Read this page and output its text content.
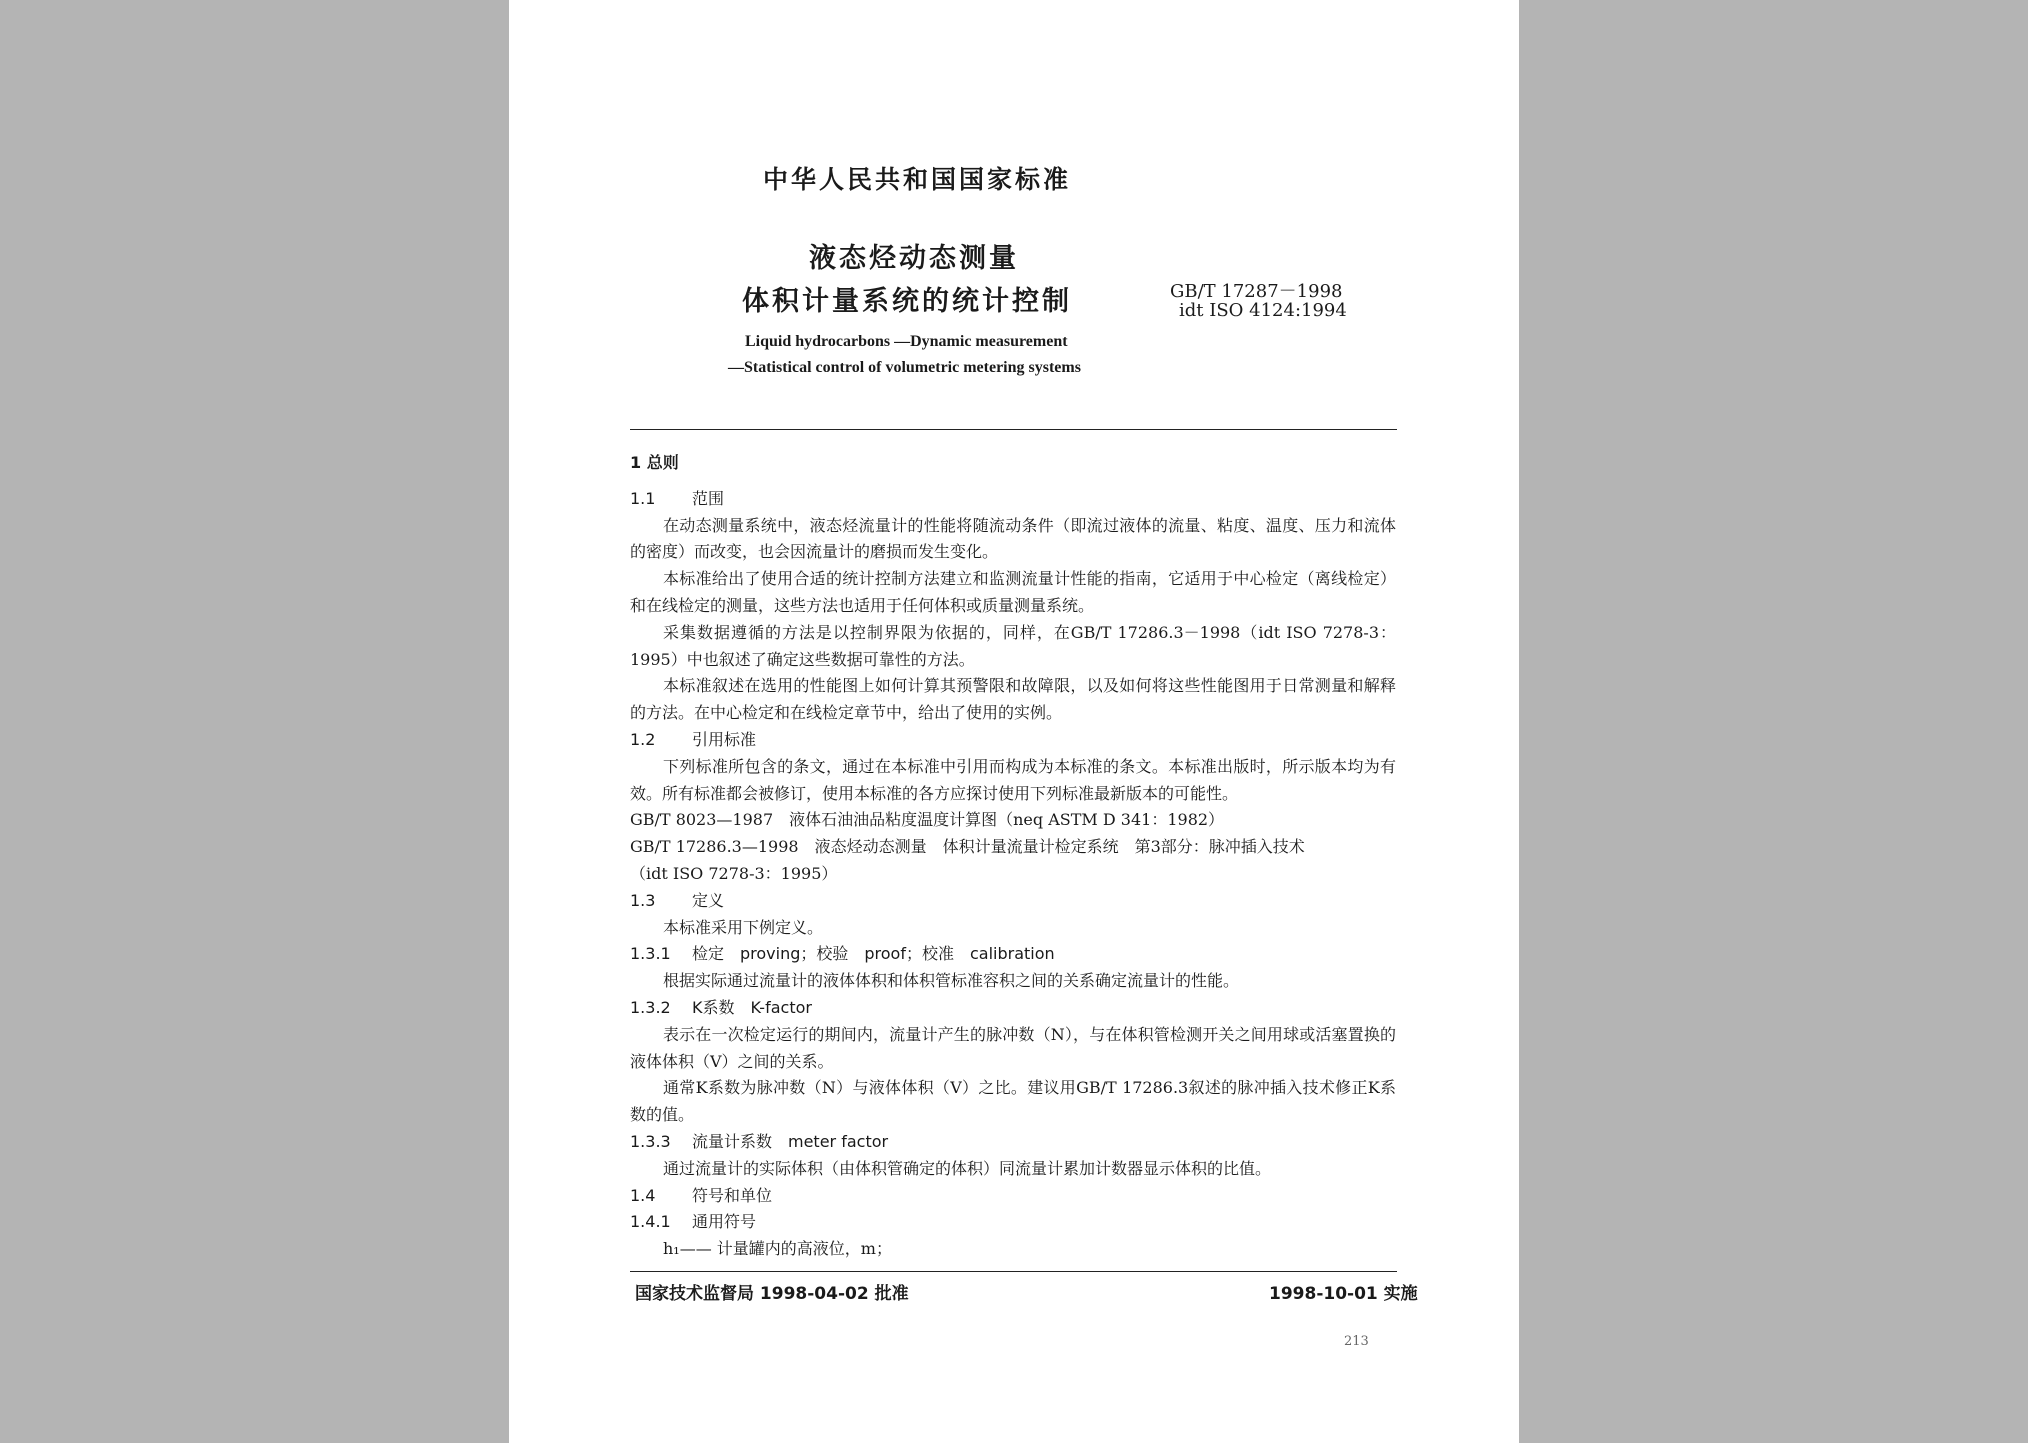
中华人民共和国国家标准
液态烃动态测量
体积计量系统的统计控制	GB/T 17287－1998
idt ISO 4124:1994
Liquid hydrocarbons —Dynamic measurement
—Statistical control of volumetric metering systems

1 总则

1.1 范围

在动态测量系统中，液态烃流量计的性能将随流动条件（即流过液体的流量、粘度、温度、压力和流体的密度）而改变，也会因流量计的磨损而发生变化。

本标准给出了使用合适的统计控制方法建立和监测流量计性能的指南，它适用于中心检定（离线检定）和在线检定的测量，这些方法也适用于任何体积或质量测量系统。

采集数据遵循的方法是以控制界限为依据的，同样，在GB/T 17286.3－1998（idt ISO 7278-3：1995）中也叙述了确定这些数据可靠性的方法。

本标准叙述在选用的性能图上如何计算其预警限和故障限，以及如何将这些性能图用于日常测量和解释的方法。在中心检定和在线检定章节中，给出了使用的实例。

1.2 引用标准

下列标准所包含的条文，通过在本标准中引用而构成为本标准的条文。本标准出版时，所示版本均为有效。所有标准都会被修订，使用本标准的各方应探讨使用下列标准最新版本的可能性。

GB/T 8023—1987　液体石油油品粘度温度计算图（neq ASTM D 341：1982）

GB/T 17286.3—1998　液态烃动态测量　体积计量流量计检定系统　第3部分：脉冲插入技术

（idt ISO 7278-3：1995）

1.3 定义

本标准采用下例定义。

1.3.1 检定　proving；校验　proof；校准　calibration

根据实际通过流量计的液体体积和体积管标准容积之间的关系确定流量计的性能。

1.3.2 K系数　K-factor

表示在一次检定运行的期间内，流量计产生的脉冲数（N），与在体积管检测开关之间用球或活塞置换的液体体积（V）之间的关系。

通常K系数为脉冲数（N）与液体体积（V）之比。建议用GB/T 17286.3叙述的脉冲插入技术修正K系数的值。

1.3.3 流量计系数　meter factor

通过流量计的实际体积（由体积管确定的体积）同流量计累加计数器显示体积的比值。

1.4 符号和单位

1.4.1 通用符号

h₁—— 计量罐内的高液位，m；

国家技术监督局 1998-04-02 批准	1998-10-01 实施
213
